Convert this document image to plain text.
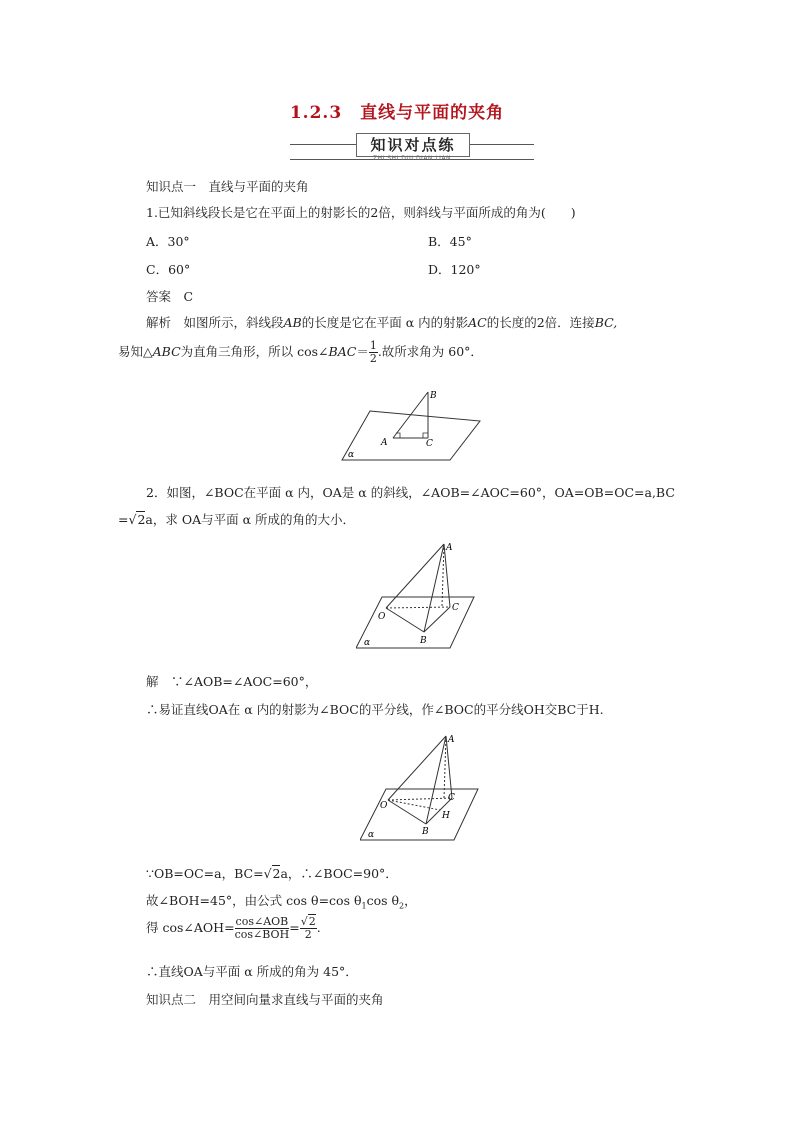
1.2.3　直线与平面的夹角
知识对点练
ZHI SHI DUI DIAN LIAN
知识点一　直线与平面的夹角
1.已知斜线段长是它在平面上的射影长的2倍，则斜线与平面所成的角为(　　)
A．30°	B．45°
C．60°	D．120°
答案　C
解析　如图所示，斜线段AB的长度是它在平面 α 内的射影AC的长度的2倍．连接BC,
易知△ABC为直角三角形，所以 cos∠BAC＝ $\frac{1}{2}$ .故所求角为 60°．
B
A	C
α
2．如图，∠BOC在平面 α 内，OA是 α 的斜线，∠AOB=∠AOC=60°，OA=OB=OC=a,BC
=√2a，求 OA与平面 α 所成的角的大小．
A
O
B
C
α
解　∵∠AOB=∠AOC=60°，
∴易证直线OA在 α 内的射影为∠BOC的平分线，作∠BOC的平分线OH交BC于H.
A
O
B
C
H
α
∵OB=OC=a，BC=√2a，∴∠BOC=90°．
故∠BOH=45°，由公式 cos θ=cos $\theta_1\cos$ $\theta_2$，
得 cos∠AOH= $\frac{\text{cos∠AOB}}{\text{cos∠BOH}} = \frac{√2}{2}$ .
∴直线OA与平面 α 所成的角为 45°．
知识点二　用空间向量求直线与平面的夹角
